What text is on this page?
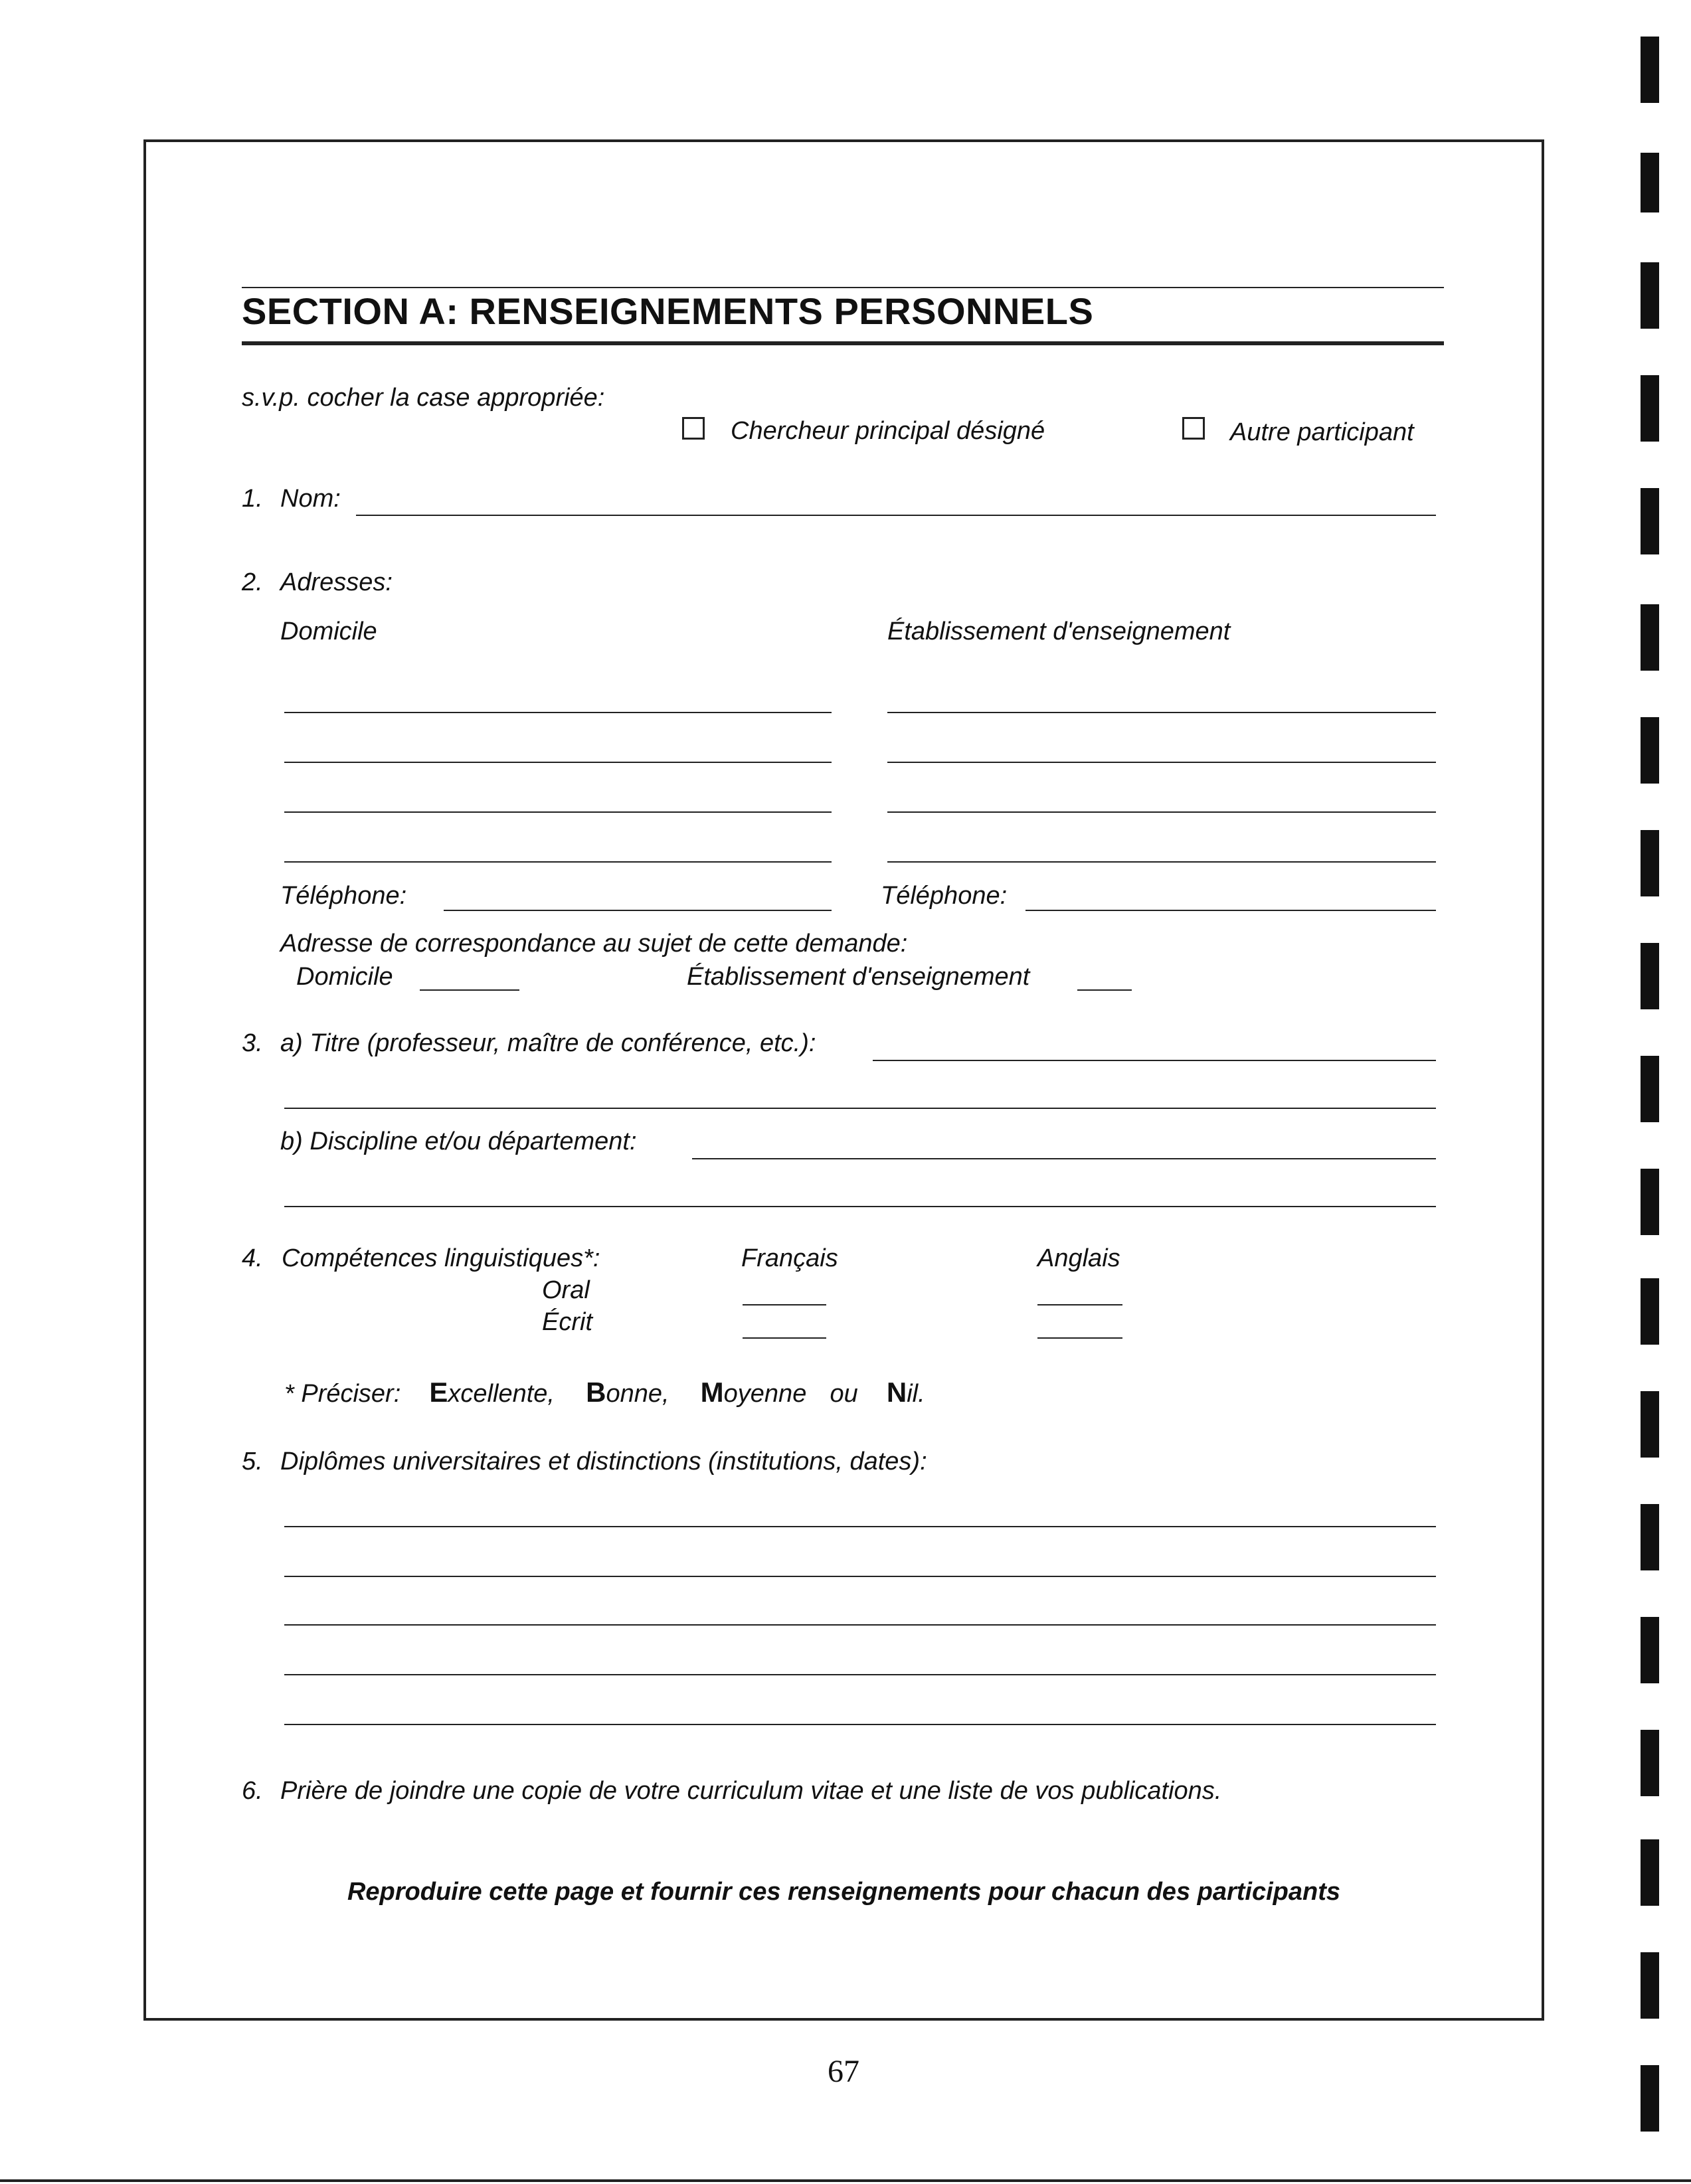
SECTION A: RENSEIGNEMENTS PERSONNELS
s.v.p. cocher la case appropriée:
Chercheur principal désigné	Autre participant
1. Nom:
2. Adresses:
Domicile	Établissement d'enseignement
Téléphone:	Téléphone:
Adresse de correspondance au sujet de cette demande:
Domicile	Établissement d'enseignement
3. a) Titre (professeur, maître de conférence, etc.):
b) Discipline et/ou département:
4. Compétences linguistiques*:	Français	Anglais
Oral
Écrit
* Préciser: Excellente, Bonne, Moyenne ou Nil.
5. Diplômes universitaires et distinctions (institutions, dates):
6. Prière de joindre une copie de votre curriculum vitae et une liste de vos publications.
Reproduire cette page et fournir ces renseignements pour chacun des participants
67
